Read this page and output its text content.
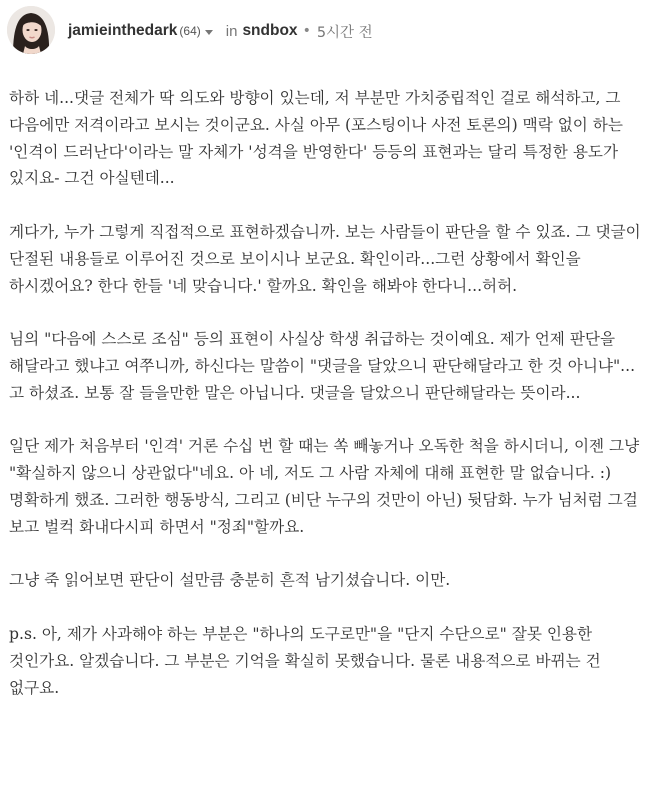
jamieinthedark (64) in sndbox • 5시간 전

하하 네...댓글 전체가 딱 의도와 방향이 있는데, 저 부분만 가치중립적인 걸로 해석하고, 그 다음에만 저격이라고 보시는 것이군요. 사실 아무 (포스팅이나 사전 토론의) 맥락 없이 하는 '인격이 드러난다'이라는 말 자체가 '성격을 반영한다' 등등의 표현과는 달리 특정한 용도가 있지요- 그건 아실텐데...

게다가, 누가 그렇게 직접적으로 표현하겠습니까. 보는 사람들이 판단을 할 수 있죠. 그 댓글이 단절된 내용들로 이루어진 것으로 보이시나 보군요. 확인이라...그런 상황에서 확인을 하시겠어요? 한다 한들 '네 맞습니다.' 할까요. 확인을 해봐야 한다니...허허.

님의 "다음에 스스로 조심" 등의 표현이 사실상 학생 취급하는 것이예요. 제가 언제 판단을 해달라고 했냐고 여쭈니까, 하신다는 말씀이 "댓글을 달았으니 판단해달라고 한 것 아니냐"...고 하셨죠. 보통 잘 들을만한 말은 아닙니다. 댓글을 달았으니 판단해달라는 뜻이라...

일단 제가 처음부터 '인격' 거론 수십 번 할 때는 쏙 빼놓거나 오독한 척을 하시더니, 이젠 그냥 "확실하지 않으니 상관없다"네요. 아 네, 저도 그 사람 자체에 대해 표현한 말 없습니다. :) 명확하게 했죠. 그러한 행동방식, 그리고 (비단 누구의 것만이 아닌) 뒷담화. 누가 님처럼 그걸 보고 벌컥 화내다시피 하면서 "정죄"할까요.

그냥 죽 읽어보면 판단이 설만큼 충분히 흔적 남기셨습니다. 이만.

p.s. 아, 제가 사과해야 하는 부분은 "하나의 도구로만"을 "단지 수단으로" 잘못 인용한 것인가요. 알겠습니다. 그 부분은 기억을 확실히 못했습니다. 물론 내용적으로 바뀌는 건 없구요.
